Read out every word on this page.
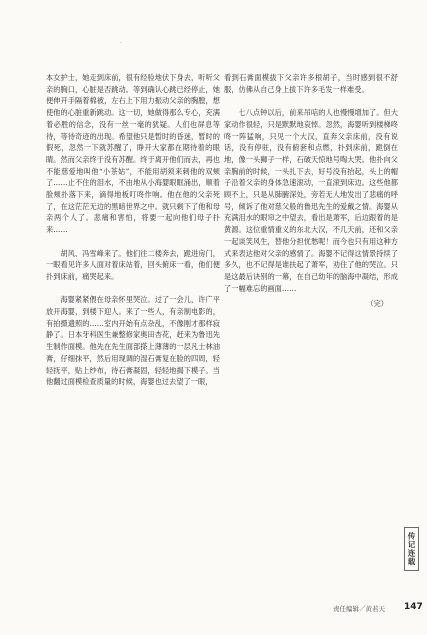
·

本女护士，她走到床前，很有经验地伏下身去，听听父亲的胸口，心脏是否跳动。等到确认心跳已经停止，她便伸开手隔着棉被，左右上下用力振动父亲的胸膛，想使他的心脏重新跳动。这一切，她做得那么专心，充满着必胜的信念，没有一丝一毫的犹疑。人们也屏息等待，等待奇迹的出现。希望他只是暂时的昏迷，暂时的假死，忽然一下就苏醒了，睁开大家都在期待着的眼睛。然而父亲终于没有苏醒。终于离开他们而去，再也不能慈爱地叫他“小茶姑”，不能用胡须来刺他的双颊了……止不住的泪水，不由地从小海婴眼眶涌出，顺着脸颊扑落下来，滴得地板叮咚作响。他在他的父亲死了，在这茫茫无边的黑暗世界之中。就只剩下了他和母亲两个人了。悲痛和害怕，将要一起向他们母子扑来……

胡风、冯雪峰来了。他们往二楼奔去，跪进房门，一眼看见许多人面对着床站着，回头俯床一看，他们便扑到床前，痛哭起来。

海婴紧紧偎在母亲怀里哭泣。过了一会儿，许广平放开海婴，到楼下迎人。来了一些人，有亲制电影的，有拍摄遗照的……室内开始有点杂乱，不像刚才那样寂静了。日本牙科医生兼整修家奥田杏花，赶来为鲁迅先生制作面模。他先在先生面部搽上薄薄的一层凡士林油膏，仔细抹平，然后用现调的湿石膏复在脸的四周，轻轻抚平，贴上纱布，待石膏凝固，轻轻地揭下模子。当他翻过面模检查质量的时候，海婴也过去望了一眼，

看到石膏面模拔下父亲许多根胡子，当时感到很不舒服，仿佛从自己身上拔下许多毛发一样难受。

七八点钟以后，前来吊唁的人也慢慢增加了。但大家动作很轻，只是默默地哀悼。忽然，海婴听到楼梯咚咚一阵猛响，只见一个大汉，直奔父亲床前，没有说话，没有停驻，没有俯套和点燃，扑到床前，跪倒在地，像一头狮子一样，石破天惊地号啕大哭。他扑向父亲胸前的时候，一头扎下去，好号没有抬起，头上的帽子沿着父亲的身体急速滚动，一直滚到床边。这些他都顾不上，只是从肺腑深处，旁若无人地发出了悲痛的呼号，倾诉了他对慈父般的鲁迅先生的爱戴之情。海婴从充满泪水的眼帘之中望去，看出是萧军，后边跟着的是黄源。这位重情重义的东北大汉，不几天前，还和父亲一起谈笑风生，替他分担忧愁呢！而今也只有用这种方式来表达他对父亲的感情了。海婴不记得这情景持续了多久，也不记得是谁扶起了萧军，劝住了他的哭泣。只是这最后诀别的一幕，在自己幼年的脑海中凝结，形成了一幅难忘的画面……

（完）

传记连载
责任编辑／黄若天 147
